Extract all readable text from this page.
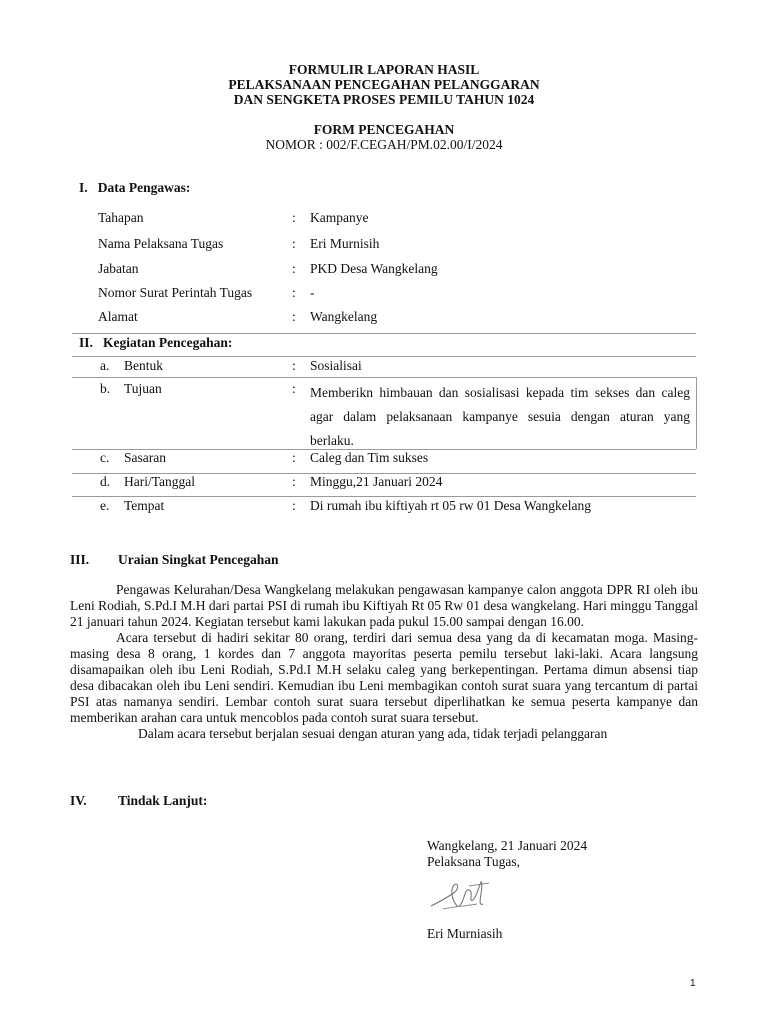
FORMULIR LAPORAN HASIL
PELAKSANAAN PENCEGAHAN PELANGGARAN
DAN SENGKETA PROSES PEMILU TAHUN 1024
FORM PENCEGAHAN
NOMOR : 002/F.CEGAH/PM.02.00/I/2024
I.   Data Pengawas:
Tahapan	: Kampanye
Nama Pelaksana Tugas	: Eri Murnisih
Jabatan	: PKD Desa Wangkelang
Nomor Surat Perintah Tugas	: -
Alamat	: Wangkelang
II.   Kegiatan Pencegahan:
a. Bentuk	: Sosialisai
b. Tujuan	: Memberikn himbauan dan sosialisasi kepada tim sekses dan caleg agar dalam pelaksanaan kampanye sesuia dengan aturan yang berlaku.
c. Sasaran	: Caleg dan Tim sukses
d. Hari/Tanggal	: Minggu,21 Januari 2024
e. Tempat	: Di rumah ibu kiftiyah rt 05 rw 01 Desa Wangkelang
III. Uraian Singkat Pencegahan

Pengawas Kelurahan/Desa Wangkelang melakukan pengawasan kampanye calon anggota DPR RI oleh ibu Leni Rodiah, S.Pd.I M.H dari partai PSI di rumah ibu Kiftiyah Rt 05 Rw 01 desa wangkelang. Hari minggu Tanggal 21 januari tahun 2024. Kegiatan tersebut kami lakukan pada pukul 15.00 sampai dengan 16.00.

Acara tersebut di hadiri sekitar 80 orang, terdiri dari semua desa yang da di kecamatan moga. Masing-masing desa 8 orang, 1 kordes dan 7 anggota mayoritas peserta pemilu tersebut laki-laki. Acara langsung disamapaikan oleh ibu Leni Rodiah, S.Pd.I M.H selaku caleg yang berkepentingan. Pertama dimun absensi tiap desa dibacakan oleh ibu Leni sendiri. Kemudian ibu Leni membagikan contoh surat suara yang tercantum di partai PSI atas namanya sendiri. Lembar contoh surat suara tersebut diperlihatkan ke semua peserta kampanye dan memberikan arahan cara untuk mencoblos pada contoh surat suara tersebut.

Dalam acara tersebut berjalan sesuai dengan aturan yang ada, tidak terjadi pelanggaran

IV. Tindak Lanjut:
Wangkelang, 21 Januari 2024
Pelaksana Tugas,
Eri Murniasih
1
